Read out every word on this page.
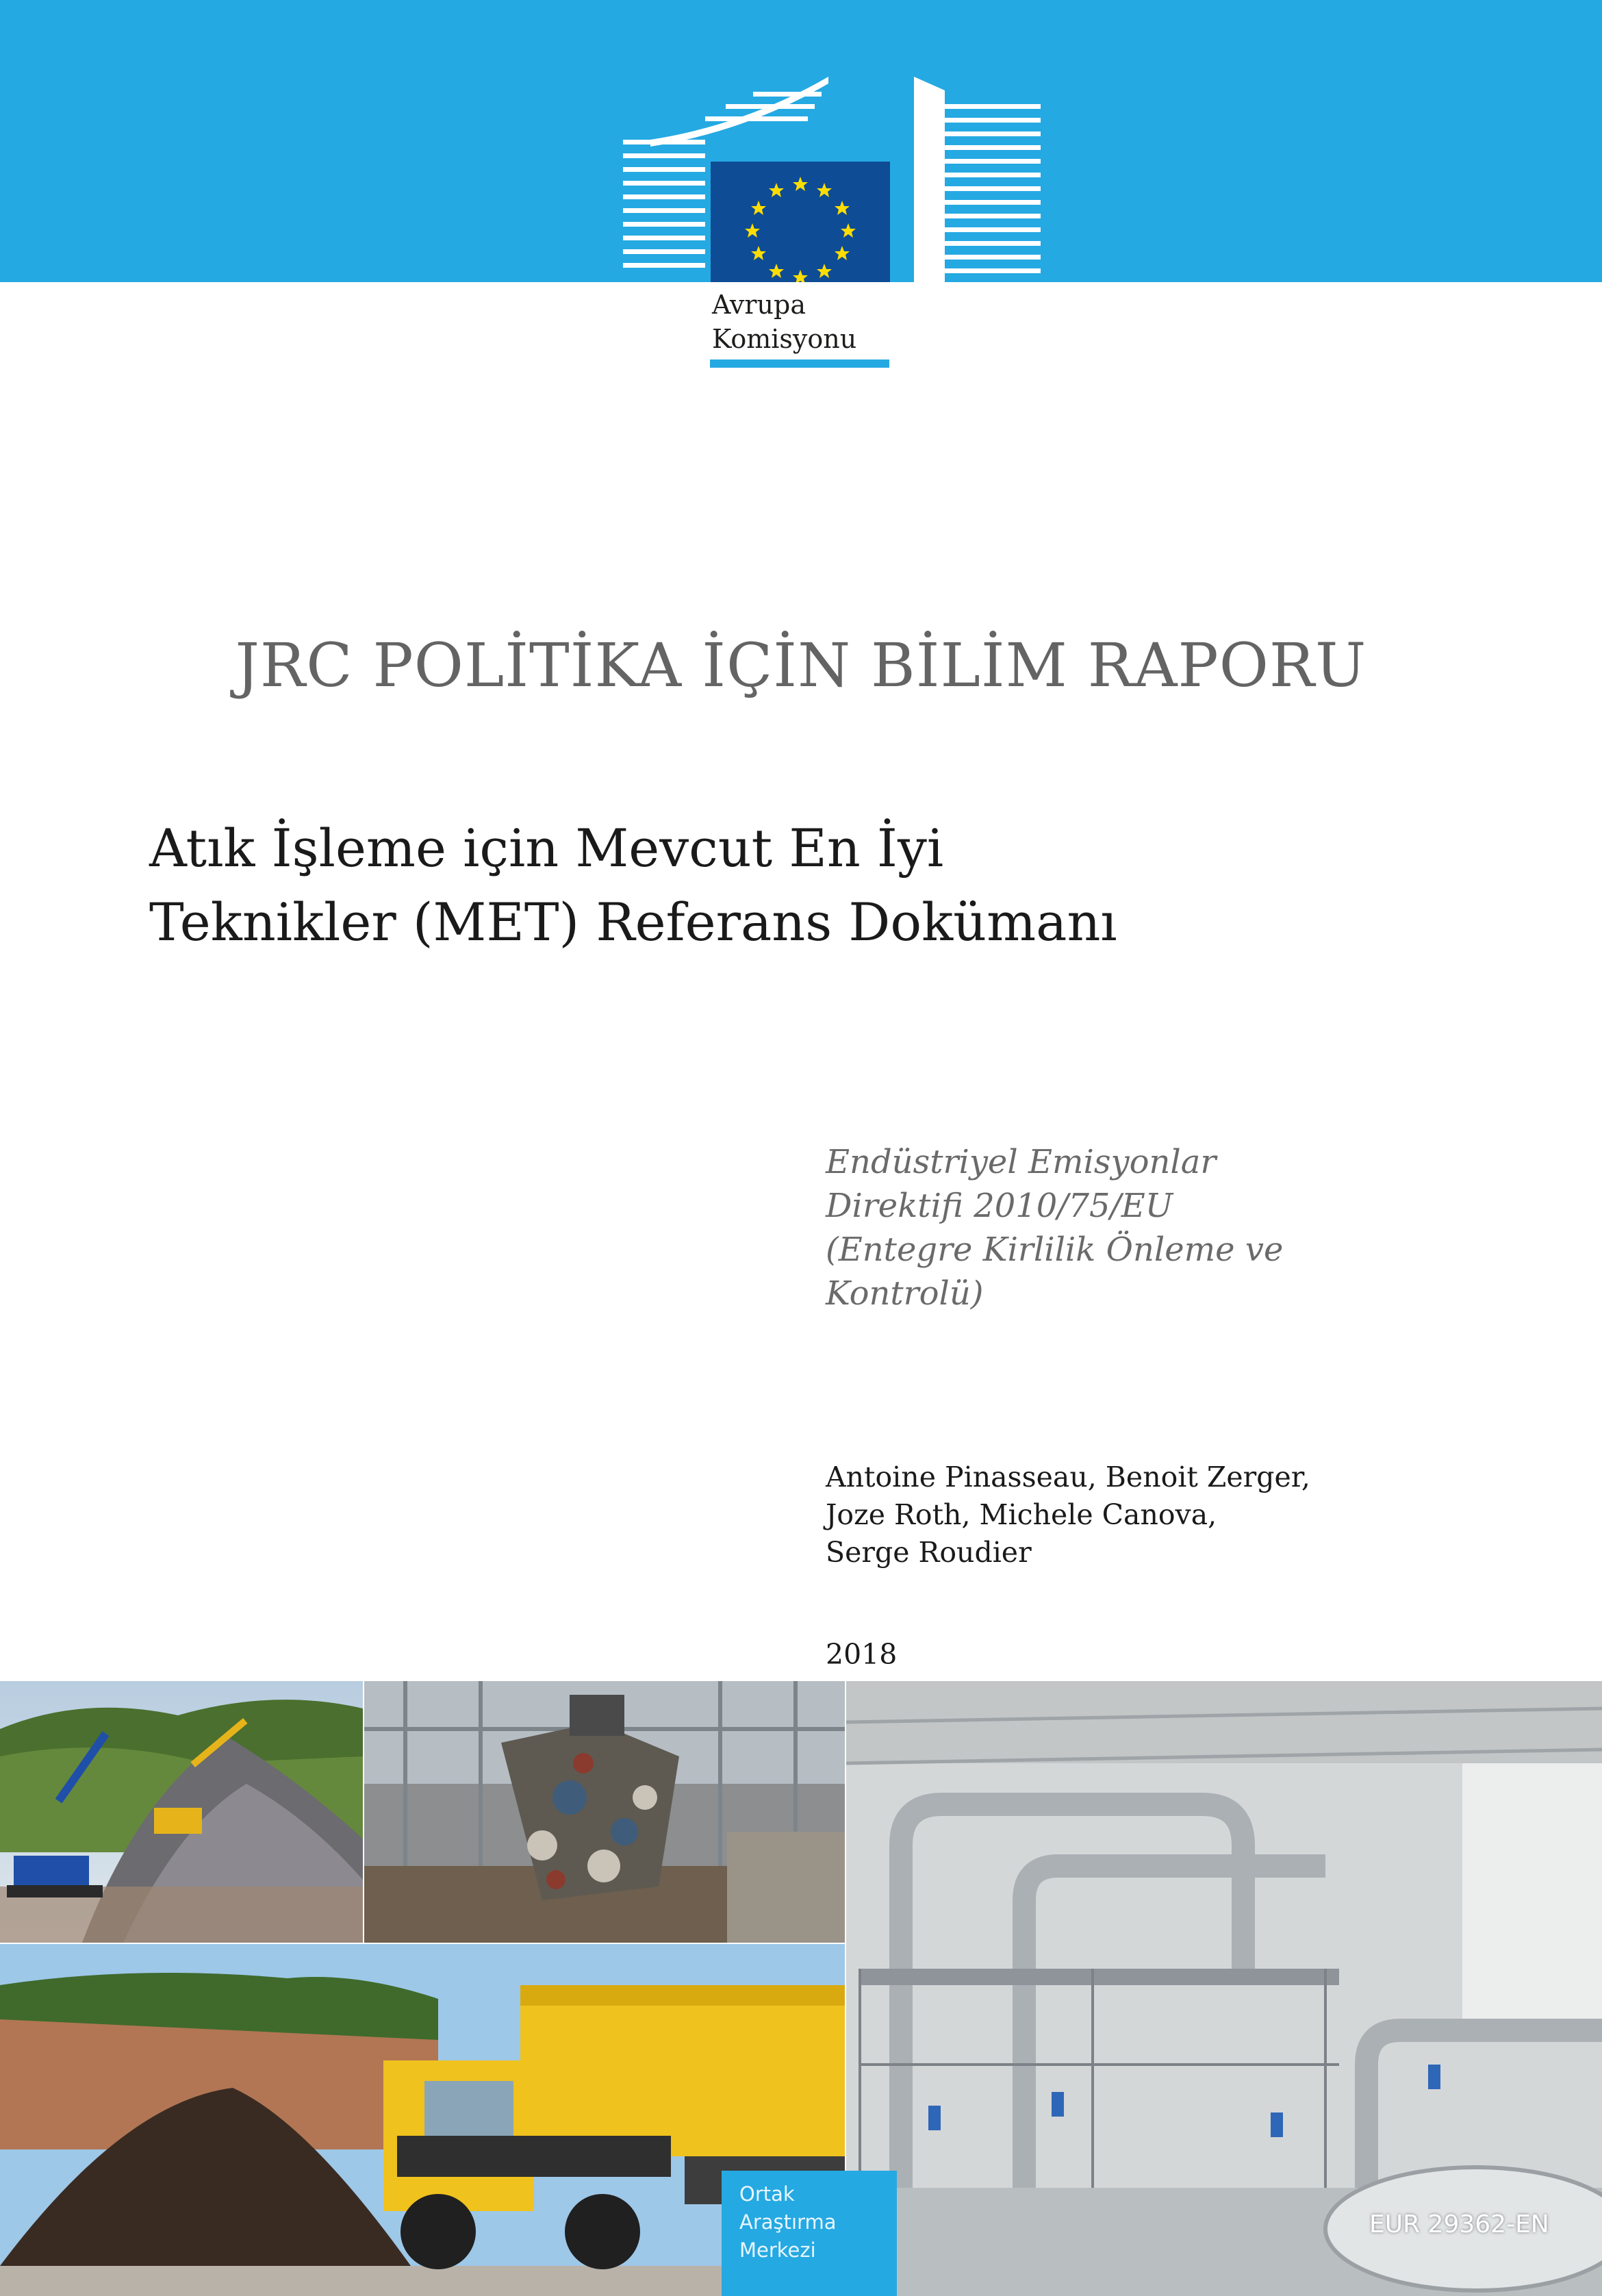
Avrupa
Komisyonu
JRC POLİTİKA İÇİN BİLİM RAPORU
Atık İşleme için Mevcut En İyi
Teknikler (MET) Referans Dokümanı
Endüstriyel Emisyonlar
Direktifi 2010/75/EU
(Entegre Kirlilik Önleme ve
Kontrolü)
Antoine Pinasseau, Benoit Zerger,
Joze Roth, Michele Canova,
Serge Roudier
2018
Ortak
Araştırma
Merkezi
EUR 29362-EN
